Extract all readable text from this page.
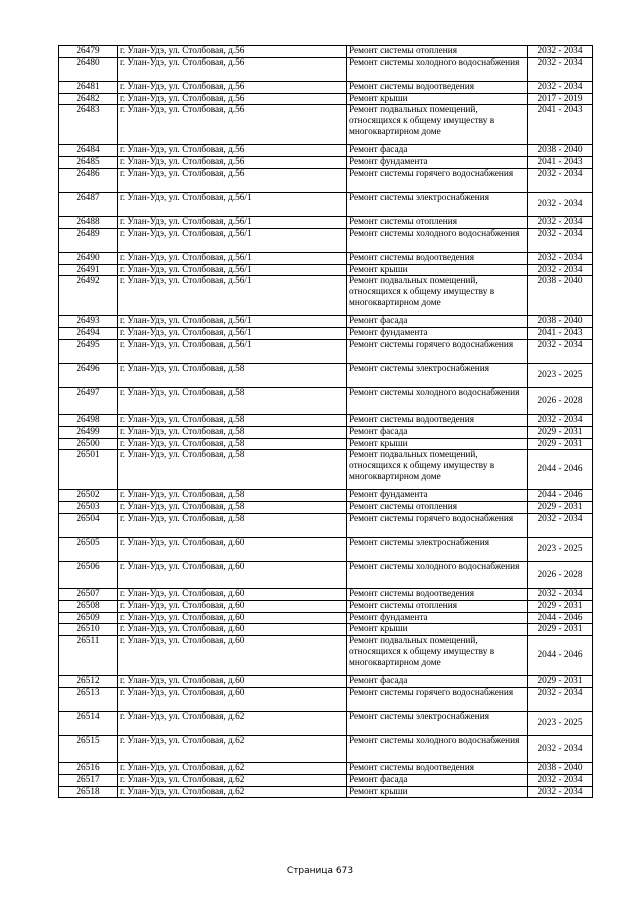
26479	г. Улан-Удэ, ул. Столбовая, д.56	Ремонт системы отопления	2032 - 2034
26480	г. Улан-Удэ, ул. Столбовая, д.56	Ремонт системы холодного водоснабжения	2032 - 2034
26481	г. Улан-Удэ, ул. Столбовая, д.56	Ремонт системы водоотведения	2032 - 2034
26482	г. Улан-Удэ, ул. Столбовая, д.56	Ремонт крыши	2017 - 2019
26483	г. Улан-Удэ, ул. Столбовая, д.56	Ремонт подвальных помещений, относящихся к общему имуществу в многоквартирном доме	2041 - 2043
26484	г. Улан-Удэ, ул. Столбовая, д.56	Ремонт фасада	2038 - 2040
26485	г. Улан-Удэ, ул. Столбовая, д.56	Ремонт фундамента	2041 - 2043
26486	г. Улан-Удэ, ул. Столбовая, д.56	Ремонт системы горячего водоснабжения	2032 - 2034
26487	г. Улан-Удэ, ул. Столбовая, д.56/1	Ремонт системы электроснабжения	2032 - 2034
26488	г. Улан-Удэ, ул. Столбовая, д.56/1	Ремонт системы отопления	2032 - 2034
26489	г. Улан-Удэ, ул. Столбовая, д.56/1	Ремонт системы холодного водоснабжения	2032 - 2034
26490	г. Улан-Удэ, ул. Столбовая, д.56/1	Ремонт системы водоотведения	2032 - 2034
26491	г. Улан-Удэ, ул. Столбовая, д.56/1	Ремонт крыши	2032 - 2034
26492	г. Улан-Удэ, ул. Столбовая, д.56/1	Ремонт подвальных помещений, относящихся к общему имуществу в многоквартирном доме	2038 - 2040
26493	г. Улан-Удэ, ул. Столбовая, д.56/1	Ремонт фасада	2038 - 2040
26494	г. Улан-Удэ, ул. Столбовая, д.56/1	Ремонт фундамента	2041 - 2043
26495	г. Улан-Удэ, ул. Столбовая, д.56/1	Ремонт системы горячего водоснабжения	2032 - 2034
26496	г. Улан-Удэ, ул. Столбовая, д.58	Ремонт системы электроснабжения	2023 - 2025
26497	г. Улан-Удэ, ул. Столбовая, д.58	Ремонт системы холодного водоснабжения	2026 - 2028
26498	г. Улан-Удэ, ул. Столбовая, д.58	Ремонт системы водоотведения	2032 - 2034
26499	г. Улан-Удэ, ул. Столбовая, д.58	Ремонт фасада	2029 - 2031
26500	г. Улан-Удэ, ул. Столбовая, д.58	Ремонт крыши	2029 - 2031
26501	г. Улан-Удэ, ул. Столбовая, д.58	Ремонт подвальных помещений, относящихся к общему имуществу в многоквартирном доме	2044 - 2046
26502	г. Улан-Удэ, ул. Столбовая, д.58	Ремонт фундамента	2044 - 2046
26503	г. Улан-Удэ, ул. Столбовая, д.58	Ремонт системы отопления	2029 - 2031
26504	г. Улан-Удэ, ул. Столбовая, д.58	Ремонт системы горячего водоснабжения	2032 - 2034
26505	г. Улан-Удэ, ул. Столбовая, д.60	Ремонт системы электроснабжения	2023 - 2025
26506	г. Улан-Удэ, ул. Столбовая, д.60	Ремонт системы холодного водоснабжения	2026 - 2028
26507	г. Улан-Удэ, ул. Столбовая, д.60	Ремонт системы водоотведения	2032 - 2034
26508	г. Улан-Удэ, ул. Столбовая, д.60	Ремонт системы отопления	2029 - 2031
26509	г. Улан-Удэ, ул. Столбовая, д.60	Ремонт фундамента	2044 - 2046
26510	г. Улан-Удэ, ул. Столбовая, д.60	Ремонт крыши	2029 - 2031
26511	г. Улан-Удэ, ул. Столбовая, д.60	Ремонт подвальных помещений, относящихся к общему имуществу в многоквартирном доме	2044 - 2046
26512	г. Улан-Удэ, ул. Столбовая, д.60	Ремонт фасада	2029 - 2031
26513	г. Улан-Удэ, ул. Столбовая, д.60	Ремонт системы горячего водоснабжения	2032 - 2034
26514	г. Улан-Удэ, ул. Столбовая, д.62	Ремонт системы электроснабжения	2023 - 2025
26515	г. Улан-Удэ, ул. Столбовая, д.62	Ремонт системы холодного водоснабжения	2032 - 2034
26516	г. Улан-Удэ, ул. Столбовая, д.62	Ремонт системы водоотведения	2038 - 2040
26517	г. Улан-Удэ, ул. Столбовая, д.62	Ремонт фасада	2032 - 2034
26518	г. Улан-Удэ, ул. Столбовая, д.62	Ремонт крыши	2032 - 2034
Страница 673
